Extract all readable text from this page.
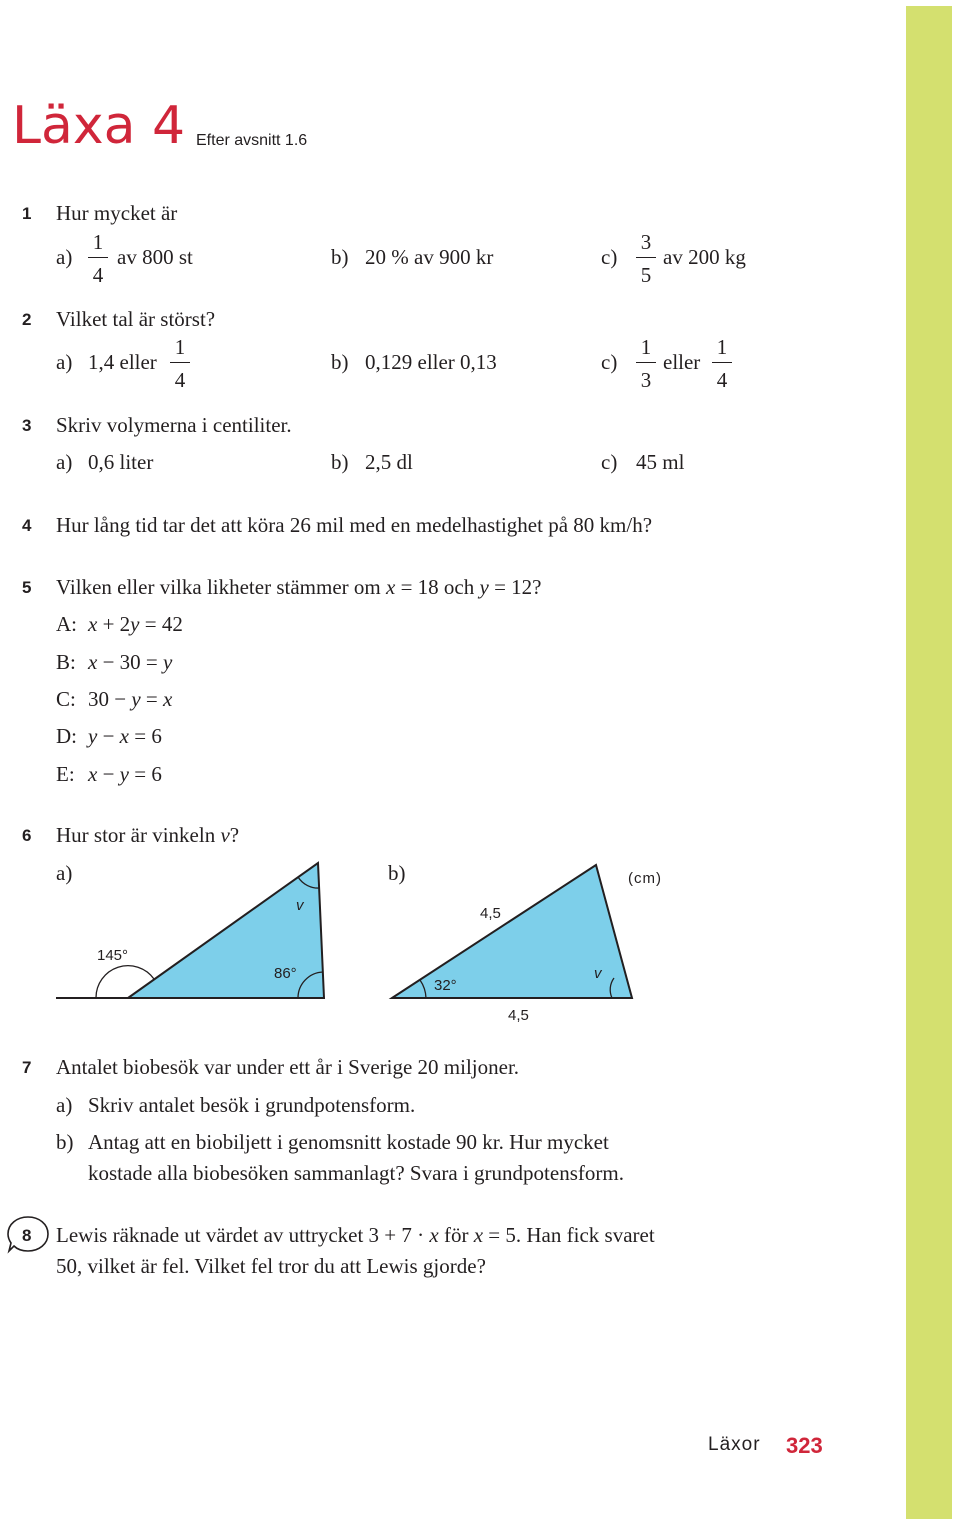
Läxa 4 Efter avsnitt 1.6
1 Hur mycket är
a)
1
4
av 800 st	b) 20 % av 900 kr	c)
3
5
av 200 kg
2 Vilket tal är störst?
a) 1,4 eller
1
4
b) 0,129 eller 0,13	c)
1
3
eller
1
4
3 Skriv volymerna i centiliter.
a) 0,6 liter	b) 2,5 dl	c) 45 ml
4 Hur lång tid tar det att köra 26 mil med en medelhastighet på 80 km/h?
5 Vilken eller vilka likheter stämmer om x = 18 och y = 12?
A: x + 2y = 42
B: x − 30 = y
C: 30 − y = x
D: y − x = 6
E: x − y = 6
6 Hur stor är vinkeln v?
a)	b)
145°
v
86°
4,5
32°
v
4,5
(cm)
7 Antalet biobesök var under ett år i Sverige 20 miljoner.
a) Skriv antalet besök i grundpotensform.
b) Antag att en biobiljett i genomsnitt kostade 90 kr. Hur mycket
kostade alla biobesöken sammanlagt? Svara i grundpotensform.
8 Lewis räknade ut värdet av uttrycket 3 + 7 · x för x = 5. Han fick svaret
50, vilket är fel. Vilket fel tror du att Lewis gjorde?
Läxor 323
